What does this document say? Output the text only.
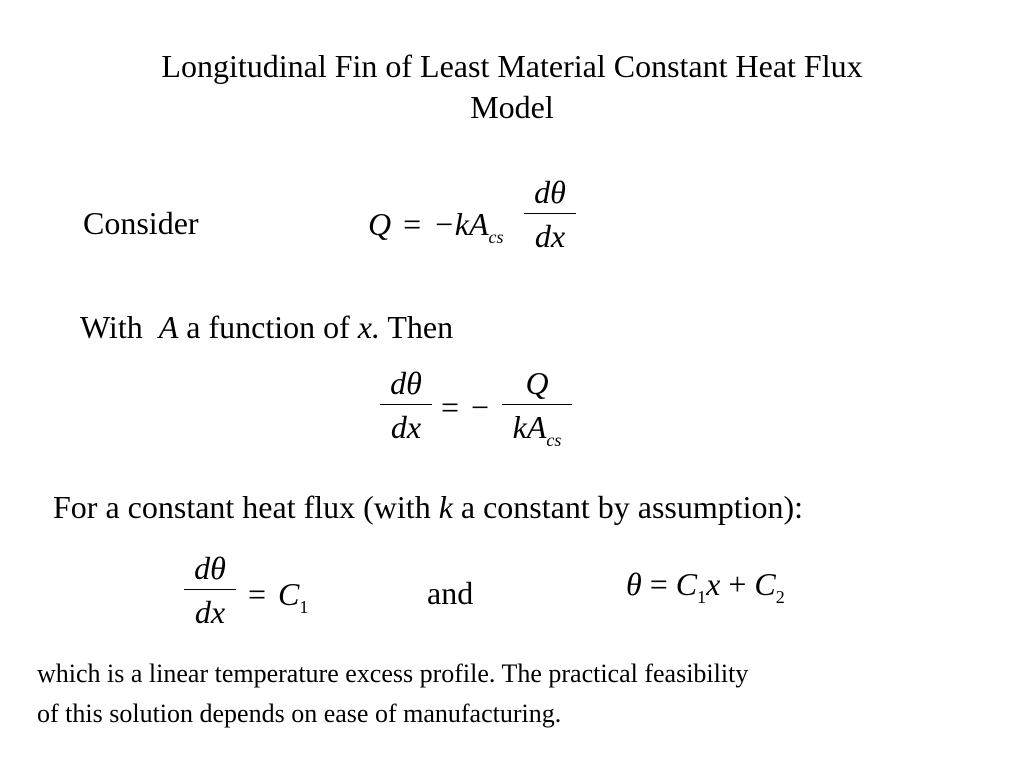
Longitudinal Fin of Least Material Constant Heat Flux
Model
Consider	$Q = -kA_{cs}$
dθ
dx
With A a function of x. Then
dθ
dx
= −
Q
$kA_{cs}$
For a constant heat flux (with k a constant by assumption):
dθ
dx = $C_1$	and	$\theta = C_1x + C_2$
which is a linear temperature excess profile. The practical feasibility
of this solution depends on ease of manufacturing.
